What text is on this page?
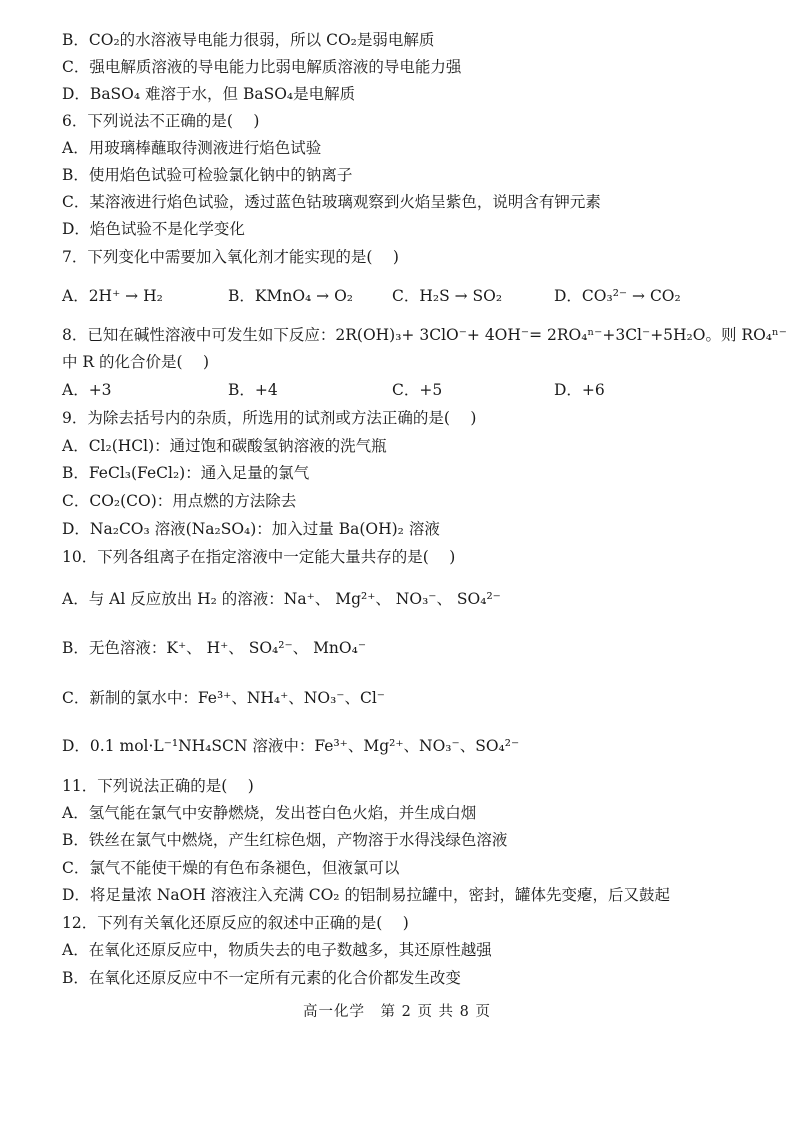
B．CO₂的水溶液导电能力很弱，所以 CO₂是弱电解质
C．强电解质溶液的导电能力比弱电解质溶液的导电能力强
D．BaSO₄ 难溶于水，但 BaSO₄是电解质
6．下列说法不正确的是(　 )
A．用玻璃棒蘸取待测液进行焰色试验
B．使用焰色试验可检验氯化钠中的钠离子
C．某溶液进行焰色试验，透过蓝色钴玻璃观察到火焰呈紫色，说明含有钾元素
D．焰色试验不是化学变化
7．下列变化中需要加入氧化剂才能实现的是(　 )
A．2H⁺ → H₂	B．KMnO₄ → O₂	C．H₂S → SO₂	D．CO₃²⁻ → CO₂
8．已知在碱性溶液中可发生如下反应：2R(OH)₃+ 3ClO⁻+ 4OH⁻= 2RO₄ⁿ⁻+3Cl⁻+5H₂O。则 RO₄ⁿ⁻
中 R 的化合价是(　 )
A．+3	B．+4	C．+5	D．+6
9．为除去括号内的杂质，所选用的试剂或方法正确的是(　 )
A．Cl₂(HCl)：通过饱和碳酸氢钠溶液的洗气瓶
B．FeCl₃(FeCl₂)：通入足量的氯气
C．CO₂(CO)：用点燃的方法除去
D．Na₂CO₃ 溶液(Na₂SO₄)：加入过量 Ba(OH)₂ 溶液
10．下列各组离子在指定溶液中一定能大量共存的是(　 )
A．与 Al 反应放出 H₂ 的溶液：Na⁺、 Mg²⁺、 NO₃⁻、 SO₄²⁻
B．无色溶液：K⁺、 H⁺、 SO₄²⁻、 MnO₄⁻
C．新制的氯水中：Fe³⁺、NH₄⁺、NO₃⁻、Cl⁻
D．0.1 mol·L⁻¹NH₄SCN 溶液中：Fe³⁺、Mg²⁺、NO₃⁻、SO₄²⁻
11．下列说法正确的是(　 )
A．氢气能在氯气中安静燃烧，发出苍白色火焰，并生成白烟
B．铁丝在氯气中燃烧，产生红棕色烟，产物溶于水得浅绿色溶液
C．氯气不能使干燥的有色布条褪色，但液氯可以
D．将足量浓 NaOH 溶液注入充满 CO₂ 的铝制易拉罐中，密封，罐体先变瘪，后又鼓起
12．下列有关氧化还原反应的叙述中正确的是(　 )
A．在氧化还原反应中，物质失去的电子数越多，其还原性越强
B．在氧化还原反应中不一定所有元素的化合价都发生改变
高一化学　第 2 页 共 8 页
